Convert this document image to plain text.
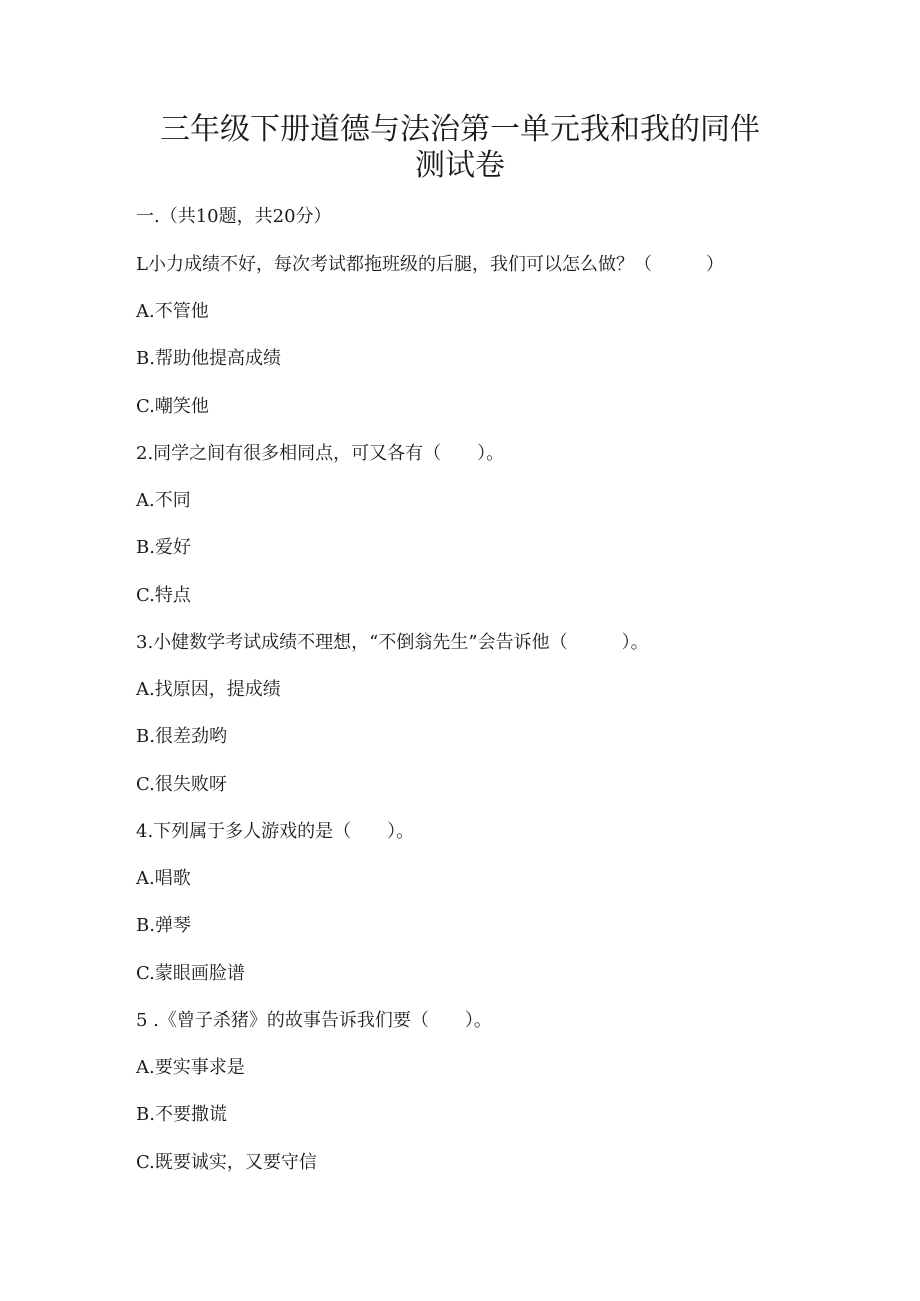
三年级下册道德与法治第一单元我和我的同伴测试卷
一.（共10题，共20分）
L小力成绩不好，每次考试都拖班级的后腿，我们可以怎么做？（　　　）
A.不管他
B.帮助他提高成绩
C.嘲笑他
2.同学之间有很多相同点，可又各有（　　）。
A.不同
B.爱好
C.特点
3.小健数学考试成绩不理想，“不倒翁先生”会告诉他（　　　）。
A.找原因，提成绩
B.很差劲哟
C.很失败呀
4.下列属于多人游戏的是（　　）。
A.唱歌
B.弹琴
C.蒙眼画脸谱
5 .《曾子杀猪》的故事告诉我们要（　　）。
A.要实事求是
B.不要撒谎
C.既要诚实，又要守信
